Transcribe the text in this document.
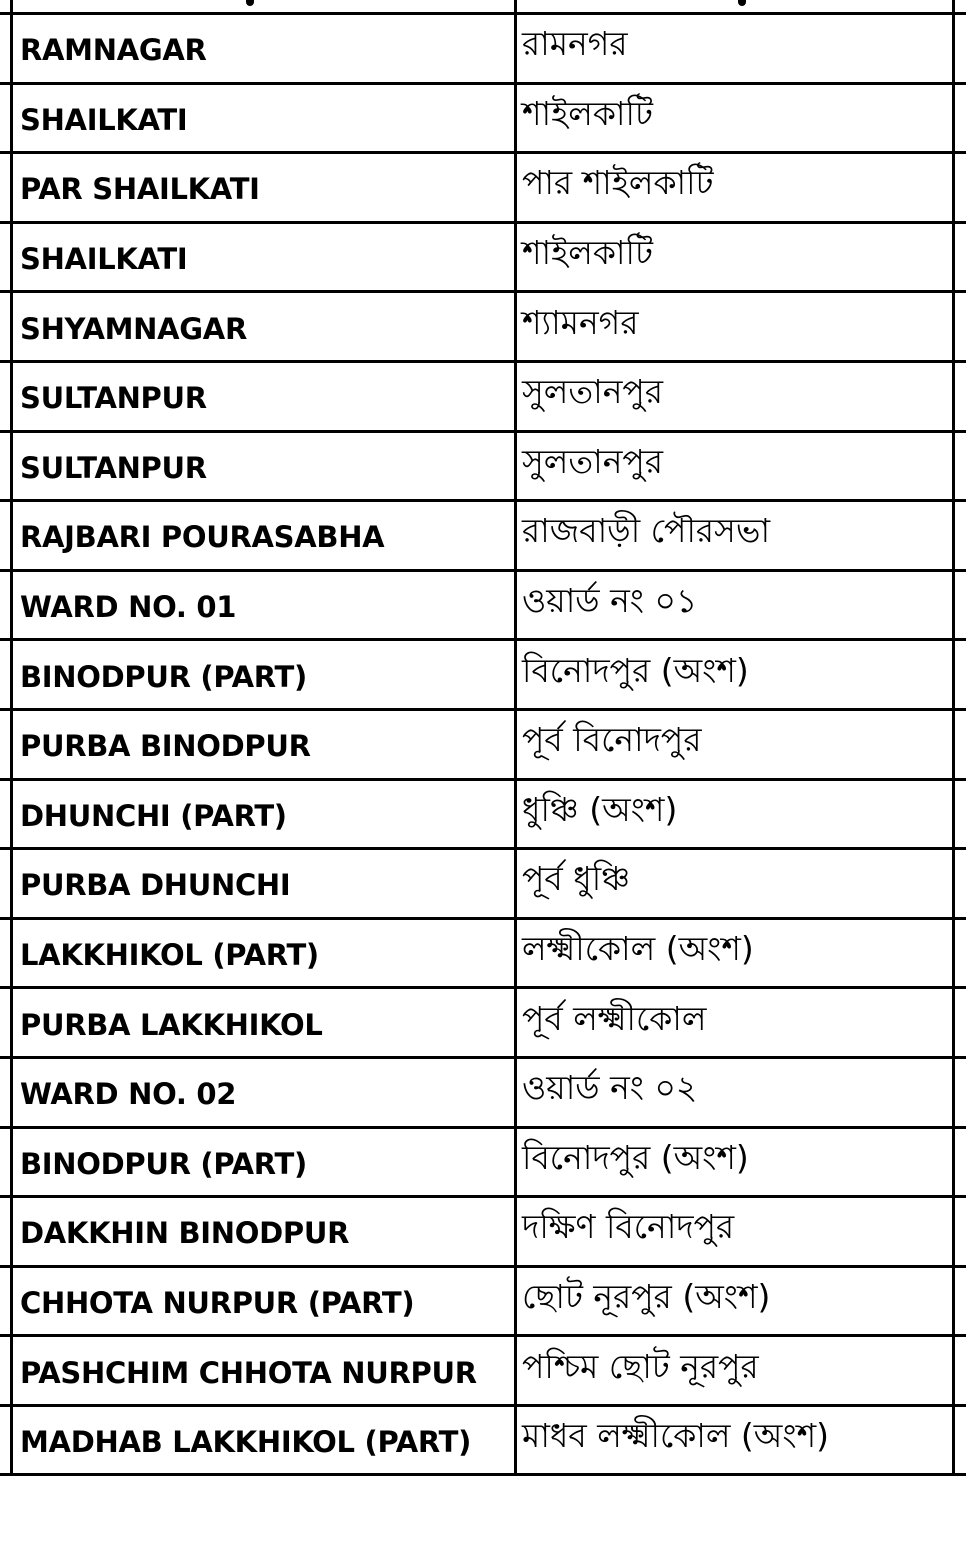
RAMNAGAR	রামনগর
SHAILKATI	শাইলকাটি
PAR SHAILKATI	পার শাইলকাটি
SHAILKATI	শাইলকাটি
SHYAMNAGAR	শ্যামনগর
SULTANPUR	সুলতানপুর
SULTANPUR	সুলতানপুর
RAJBARI POURASABHA	রাজবাড়ী পৌরসভা
WARD NO. 01	ওয়ার্ড নং ০১
BINODPUR (PART)	বিনোদপুর (অংশ)
PURBA BINODPUR	পূর্ব বিনোদপুর
DHUNCHI (PART)	ধুঞ্চি (অংশ)
PURBA DHUNCHI	পূর্ব ধুঞ্চি
LAKKHIKOL (PART)	লক্ষ্মীকোল (অংশ)
PURBA LAKKHIKOL	পূর্ব লক্ষ্মীকোল
WARD NO. 02	ওয়ার্ড নং ০২
BINODPUR (PART)	বিনোদপুর (অংশ)
DAKKHIN BINODPUR	দক্ষিণ বিনোদপুর
CHHOTA NURPUR (PART)	ছোট নূরপুর (অংশ)
PASHCHIM CHHOTA NURPUR	পশ্চিম ছোট নূরপুর
MADHAB LAKKHIKOL (PART)	মাধব লক্ষ্মীকোল (অংশ)
